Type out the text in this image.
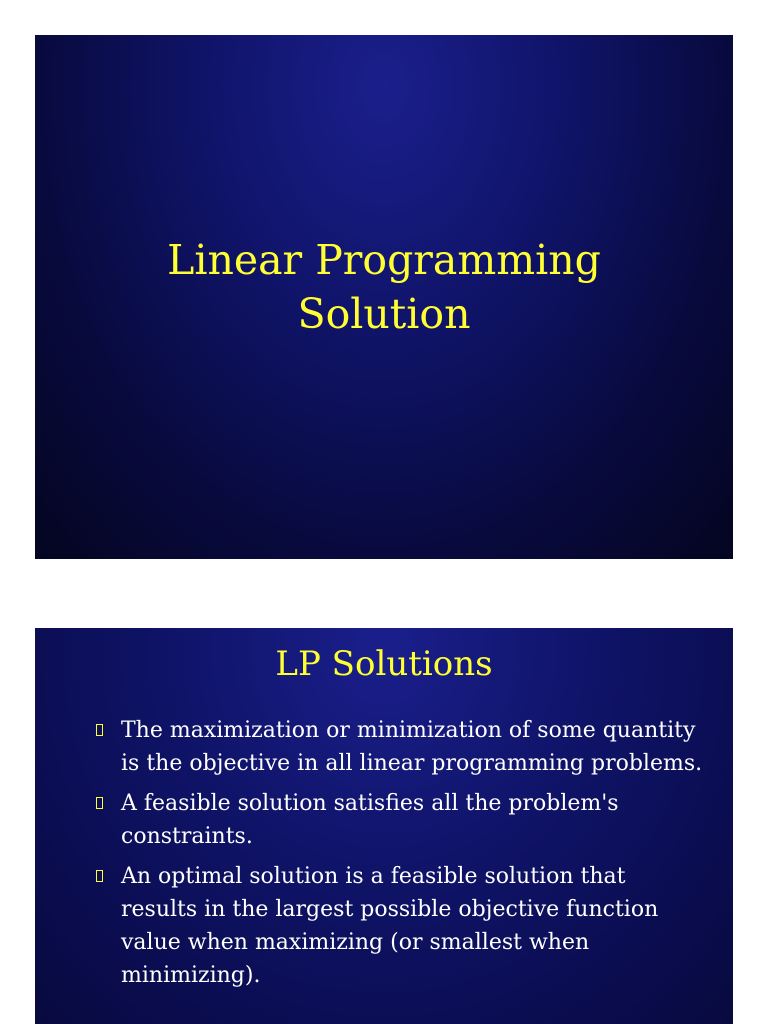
Linear Programming
Solution
LP Solutions
The maximization or minimization of some quantity is the objective in all linear programming problems.
A feasible solution satisfies all the problem's constraints.
An optimal solution is a feasible solution that results in the largest possible objective function value when maximizing (or smallest when minimizing).
